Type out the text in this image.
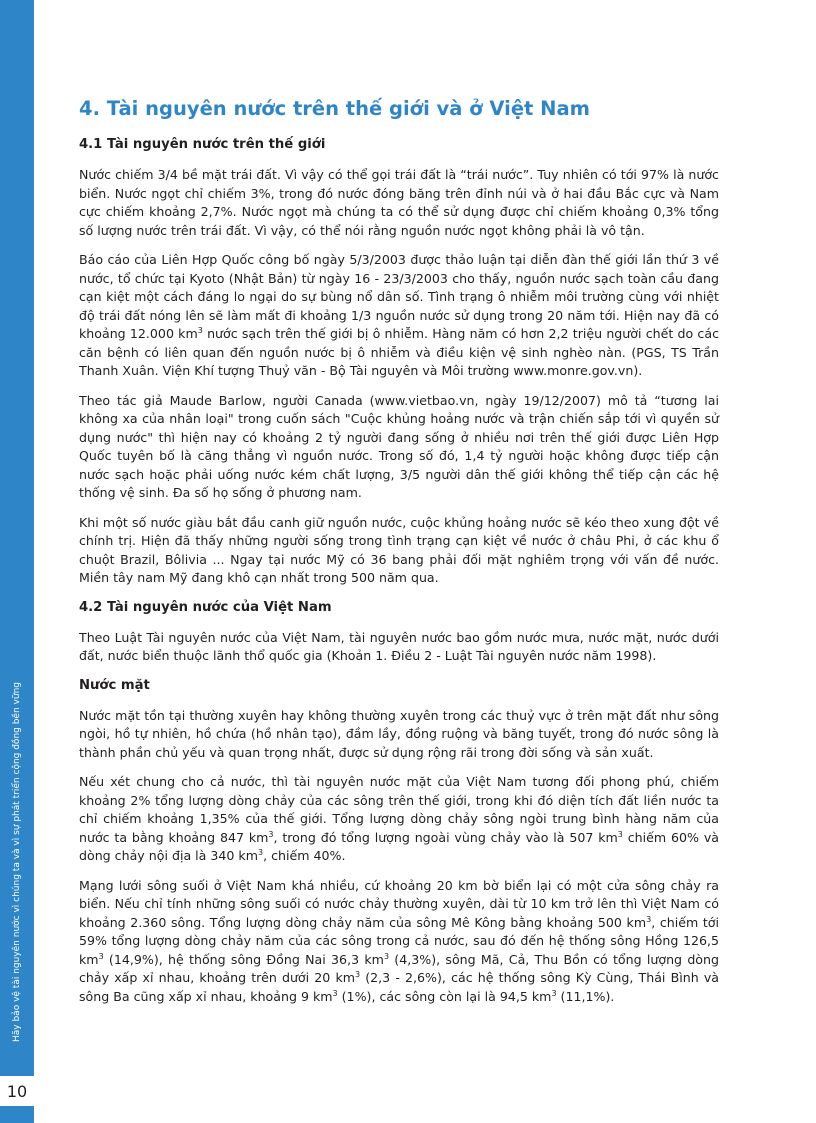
Hãy bảo vệ tài nguyên nước vì chúng ta và vì sự phát triển cộng đồng bền vững
10
4. Tài nguyên nước trên thế giới và ở Việt Nam
4.1 Tài nguyên nước trên thế giới

Nước chiếm 3/4 bề mặt trái đất. Vì vậy có thể gọi trái đất là “trái nước”. Tuy nhiên có tới 97% là nước biển. Nước ngọt chỉ chiếm 3%, trong đó nước đóng băng trên đỉnh núi và ở hai đầu Bắc cực và Nam cực chiếm khoảng 2,7%. Nước ngọt mà chúng ta có thể sử dụng được chỉ chiếm khoảng 0,3% tổng số lượng nước trên trái đất. Vì vậy, có thể nói rằng nguồn nước ngọt không phải là vô tận.

Báo cáo của Liên Hợp Quốc công bố ngày 5/3/2003 được thảo luận tại diễn đàn thế giới lần thứ 3 về nước, tổ chức tại Kyoto (Nhật Bản) từ ngày 16 - 23/3/2003 cho thấy, nguồn nước sạch toàn cầu đang cạn kiệt một cách đáng lo ngại do sự bùng nổ dân số. Tình trạng ô nhiễm môi trường cùng với nhiệt độ trái đất nóng lên sẽ làm mất đi khoảng 1/3 nguồn nước sử dụng trong 20 năm tới. Hiện nay đã có khoảng 12.000 $km^3$ nước sạch trên thế giới bị ô nhiễm. Hàng năm có hơn 2,2 triệu người chết do các căn bệnh có liên quan đến nguồn nước bị ô nhiễm và điều kiện vệ sinh nghèo nàn. (PGS, TS Trần Thanh Xuân. Viện Khí tượng Thuỷ văn - Bộ Tài nguyên và Môi trường www.monre.gov.vn).

Theo tác giả Maude Barlow, người Canada (www.vietbao.vn, ngày 19/12/2007) mô tả “tương lai không xa của nhân loại" trong cuốn sách "Cuộc khủng hoảng nước và trận chiến sắp tới vì quyền sử dụng nước" thì hiện nay có khoảng 2 tỷ người đang sống ở nhiều nơi trên thế giới được Liên Hợp Quốc tuyên bố là căng thẳng vì nguồn nước. Trong số đó, 1,4 tỷ người hoặc không được tiếp cận nước sạch hoặc phải uống nước kém chất lượng, 3/5 người dân thế giới không thể tiếp cận các hệ thống vệ sinh. Đa số họ sống ở phương nam.

Khi một số nước giàu bắt đầu canh giữ nguồn nước, cuộc khủng hoảng nước sẽ kéo theo xung đột về chính trị. Hiện đã thấy những người sống trong tình trạng cạn kiệt về nước ở châu Phi, ở các khu ổ chuột Brazil, Bôlivia ... Ngay tại nước Mỹ có 36 bang phải đối mặt nghiêm trọng với vấn đề nước. Miền tây nam Mỹ đang khô cạn nhất trong 500 năm qua.

4.2 Tài nguyên nước của Việt Nam

Theo Luật Tài nguyên nước của Việt Nam, tài nguyên nước bao gồm nước mưa, nước mặt, nước dưới đất, nước biển thuộc lãnh thổ quốc gia (Khoản 1. Điều 2 - Luật Tài nguyên nước năm 1998).

Nước mặt

Nước mặt tồn tại thường xuyên hay không thường xuyên trong các thuỷ vực ở trên mặt đất như sông ngòi, hồ tự nhiên, hồ chứa (hồ nhân tạo), đầm lầy, đồng ruộng và băng tuyết, trong đó nước sông là thành phần chủ yếu và quan trọng nhất, được sử dụng rộng rãi trong đời sống và sản xuất.

Nếu xét chung cho cả nước, thì tài nguyên nước mặt của Việt Nam tương đối phong phú, chiếm khoảng 2% tổng lượng dòng chảy của các sông trên thế giới, trong khi đó diện tích đất liền nước ta chỉ chiếm khoảng 1,35% của thế giới. Tổng lượng dòng chảy sông ngòi trung bình hàng năm của nước ta bằng khoảng 847 $km^3$, trong đó tổng lượng ngoài vùng chảy vào là 507 $km^3$ chiếm 60% và dòng chảy nội địa là 340 $km^3$, chiếm 40%.

Mạng lưới sông suối ở Việt Nam khá nhiều, cứ khoảng 20 km bờ biển lại có một cửa sông chảy ra biển. Nếu chỉ tính những sông suối có nước chảy thường xuyên, dài từ 10 km trở lên thì Việt Nam có khoảng 2.360 sông. Tổng lượng dòng chảy năm của sông Mê Kông bằng khoảng 500 $km^3$, chiếm tới 59% tổng lượng dòng chảy năm của các sông trong cả nước, sau đó đến hệ thống sông Hồng 126,5 $km^3$ (14,9%), hệ thống sông Đồng Nai 36,3 $km^3$ (4,3%), sông Mã, Cả, Thu Bồn có tổng lượng dòng chảy xấp xỉ nhau, khoảng trên dưới 20 $km^3$ (2,3 - 2,6%), các hệ thống sông Kỳ Cùng, Thái Bình và sông Ba cũng xấp xỉ nhau, khoảng 9 $km^3$ (1%), các sông còn lại là 94,5 $km^3$ (11,1%).
